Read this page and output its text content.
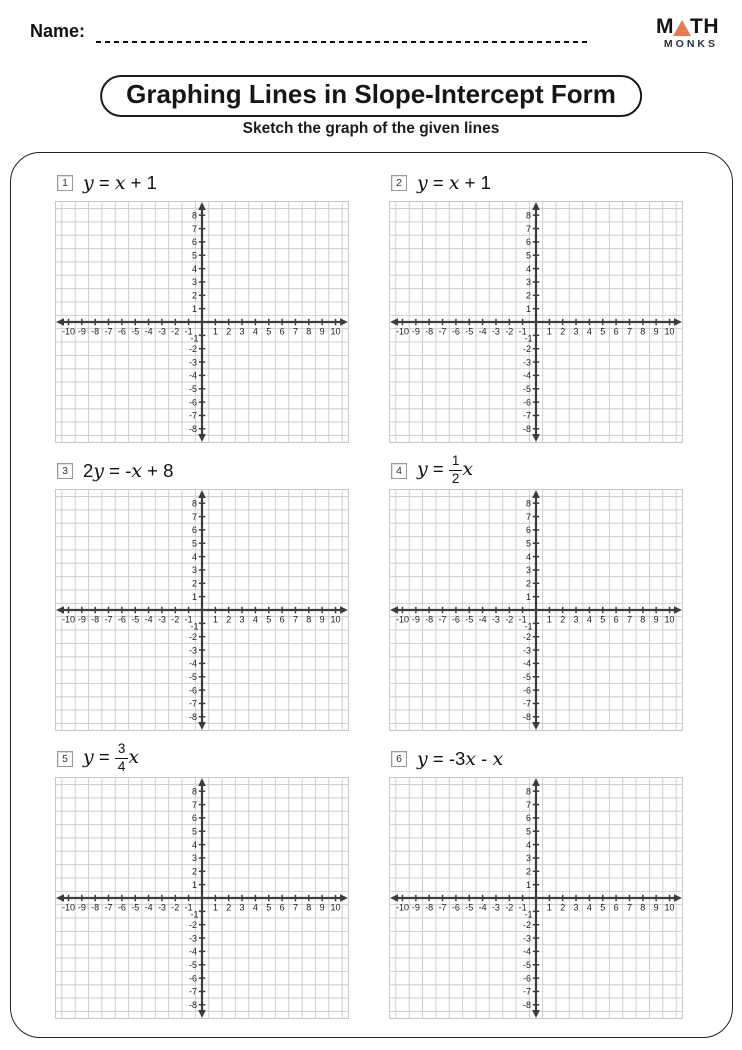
Name:	M TH
MONKS
Graphing Lines in Slope-Intercept Form
Sketch the graph of the given lines
1 y = x + 1
-10 -9 -8 -7 -6 -5 -4 -3 -2 -1 1 2 3 4 5 6 7 8 9 10
8
7
6
5
4
3
2
1
-1
-2
-3
-4
-5
-6
-7
-8
2 y = x + 1
-10 -9 -8 -7 -6 -5 -4 -3 -2 -1 1 2 3 4 5 6 7 8 9 10
8
7
6
5
4
3
2
1
-1
-2
-3
-4
-5
-6
-7
-8
3 2y = -x + 8
-10 -9 -8 -7 -6 -5 -4 -3 -2 -1 1 2 3 4 5 6 7 8 9 10
8
7
6
5
4
3
2
1
-1
-2
-3
-4
-5
-6
-7
-8
4 $y = \frac{1}{2}$ x
-10 -9 -8 -7 -6 -5 -4 -3 -2 -1 1 2 3 4 5 6 7 8 9 10
8
7
6
5
4
3
2
1
-1
-2
-3
-4
-5
-6
-7
-8
5 $y = \frac{3}{4}$ x
-10 -9 -8 -7 -6 -5 -4 -3 -2 -1 1 2 3 4 5 6 7 8 9 10
8
7
6
5
4
3
2
1
-1
-2
-3
-4
-5
-6
-7
-8
6 y = -3x - x
-10 -9 -8 -7 -6 -5 -4 -3 -2 -1 1 2 3 4 5 6 7 8 9 10
8
7
6
5
4
3
2
1
-1
-2
-3
-4
-5
-6
-7
-8
